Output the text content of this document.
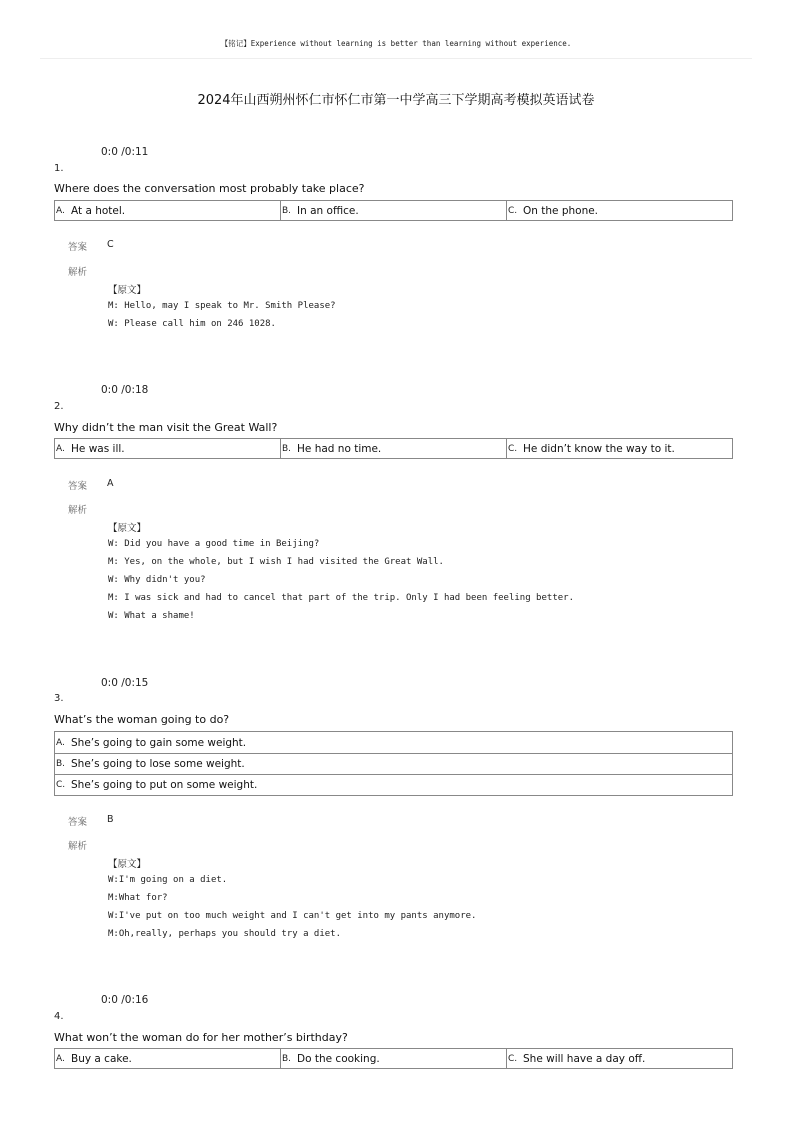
【铭记】Experience without learning is better than learning without experience.
2024年山西朔州怀仁市怀仁市第一中学高三下学期高考模拟英语试卷
0:0 /0:11
1.
Where does the conversation most probably take place?
A. At a hotel.	B. In an office.	C. On the phone.
答案 C
解析
【原文】
M: Hello, may I speak to Mr. Smith Please?
W: Please call him on 246 1028.
0:0 /0:18
2.
Why didn’t the man visit the Great Wall?
A. He was ill.	B. He had no time.	C. He didn’t know the way to it.
答案 A
解析
【原文】
W: Did you have a good time in Beijing?
M: Yes, on the whole, but I wish I had visited the Great Wall.
W: Why didn't you?
M: I was sick and had to cancel that part of the trip. Only I had been feeling better.
W: What a shame!
0:0 /0:15
3.
What’s the woman going to do?
A. She’s going to gain some weight.
B. She’s going to lose some weight.
C. She’s going to put on some weight.
答案 B
解析
【原文】
W:I'm going on a diet.
M:What for?
W:I've put on too much weight and I can't get into my pants anymore.
M:Oh,really, perhaps you should try a diet.
0:0 /0:16
4.
What won’t the woman do for her mother’s birthday?
A. Buy a cake.	B. Do the cooking.	C. She will have a day off.
